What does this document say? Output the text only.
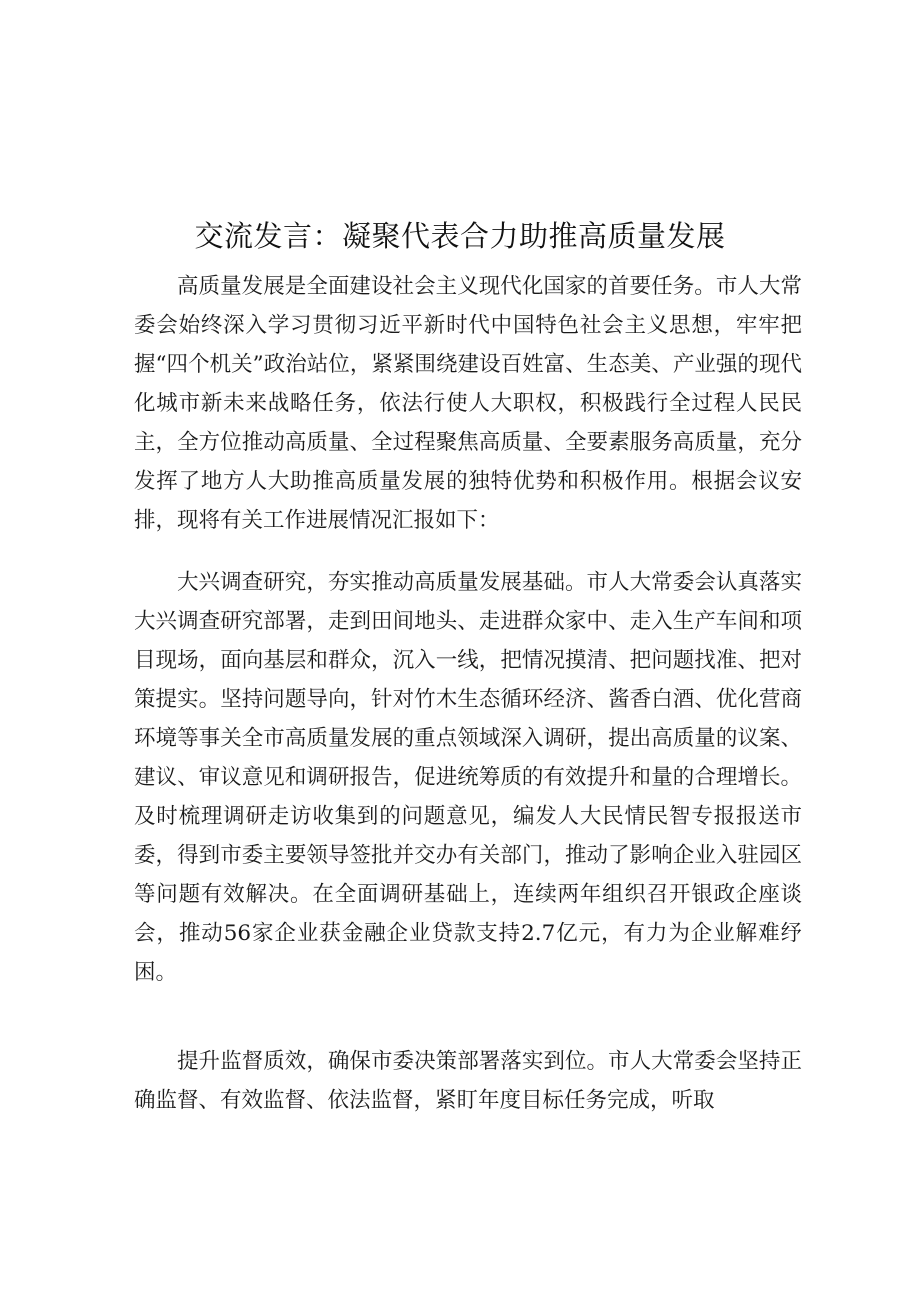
交流发言：凝聚代表合力助推高质量发展

高质量发展是全面建设社会主义现代化国家的首要任务。市人大常委会始终深入学习贯彻习近平新时代中国特色社会主义思想，牢牢把握“四个机关”政治站位，紧紧围绕建设百姓富、生态美、产业强的现代化城市新未来战略任务，依法行使人大职权，积极践行全过程人民民主，全方位推动高质量、全过程聚焦高质量、全要素服务高质量，充分发挥了地方人大助推高质量发展的独特优势和积极作用。根据会议安排，现将有关工作进展情况汇报如下：

大兴调查研究，夯实推动高质量发展基础。市人大常委会认真落实大兴调查研究部署，走到田间地头、走进群众家中、走入生产车间和项目现场，面向基层和群众，沉入一线，把情况摸清、把问题找准、把对策提实。坚持问题导向，针对竹木生态循环经济、酱香白酒、优化营商环境等事关全市高质量发展的重点领域深入调研，提出高质量的议案、建议、审议意见和调研报告，促进统筹质的有效提升和量的合理增长。及时梳理调研走访收集到的问题意见，编发人大民情民智专报报送市委，得到市委主要领导签批并交办有关部门，推动了影响企业入驻园区等问题有效解决。在全面调研基础上，连续两年组织召开银政企座谈会，推动56家企业获金融企业贷款支持2.7亿元，有力为企业解难纾困。

提升监督质效，确保市委决策部署落实到位。市人大常委会坚持正确监督、有效监督、依法监督，紧盯年度目标任务完成，听取
